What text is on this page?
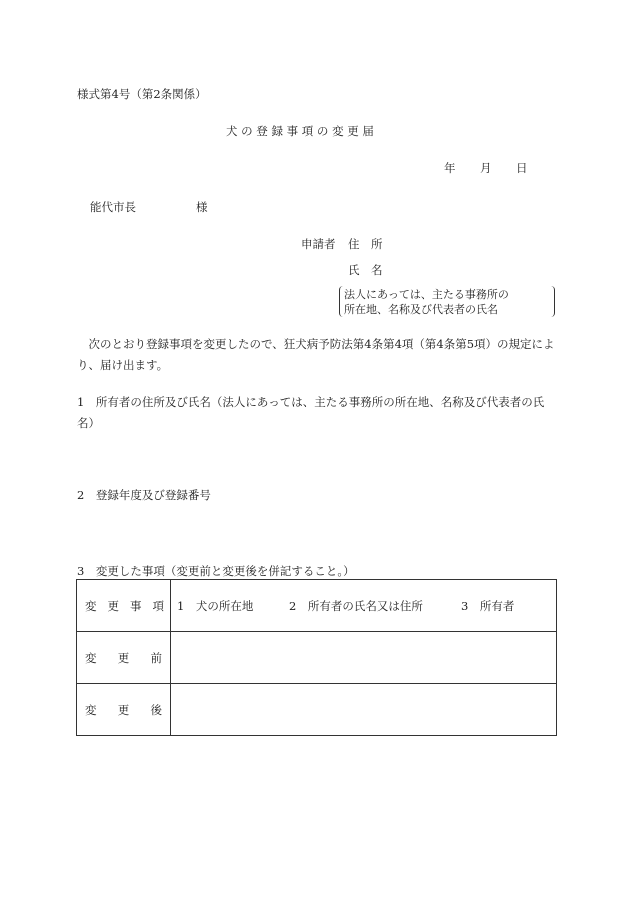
様式第4号（第2条関係）
犬 の 登 録 事 項 の 変 更 届
年 月 日
能代市長	様
申請者 住　所
氏　名
法人にあっては、主たる事務所の
所在地、名称及び代表者の氏名
　次のとおり登録事項を変更したので、狂犬病予防法第4条第4項（第4条第5項）の規定により、届け出ます。
1　所有者の住所及び氏名（法人にあっては、主たる事務所の所在地、名称及び代表者の氏名）
2　登録年度及び登録番号
3　変更した事項（変更前と変更後を併記すること。）
変 更 事 項	1　犬の所在地 2　所有者の氏名又は住所 3　所有者

変 更 前	

変 更 後	
